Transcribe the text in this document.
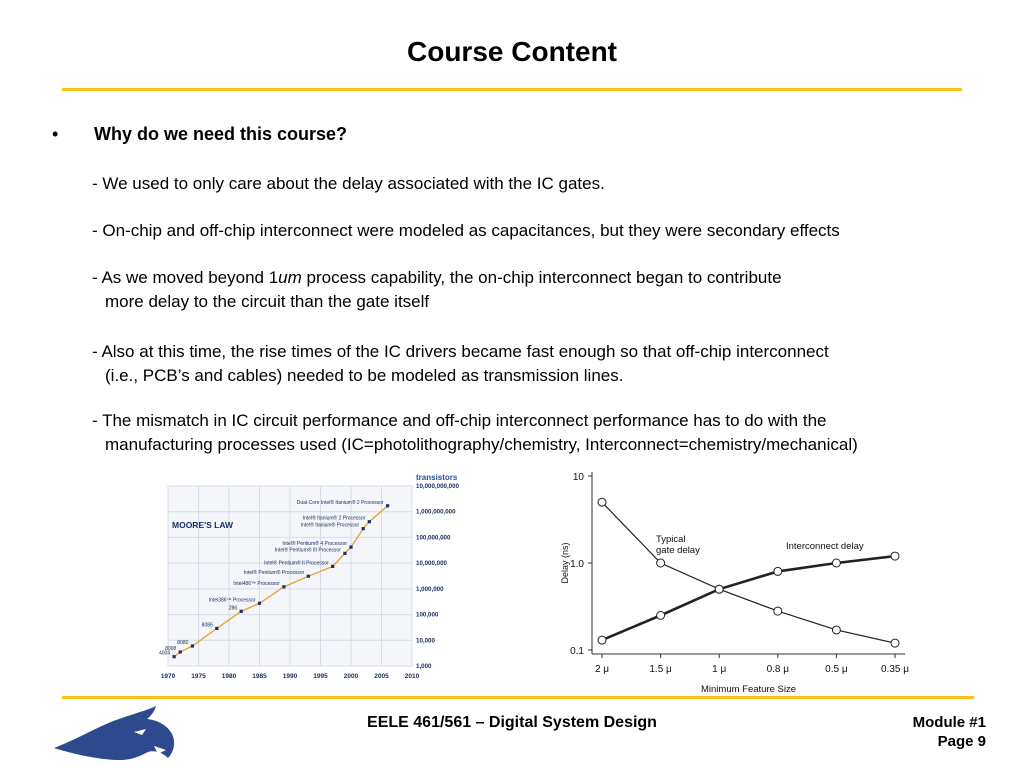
Course Content
• Why do we need this course?
- We used to only care about the delay associated with the IC gates.
- On-chip and off-chip interconnect were modeled as capacitances, but they were secondary effects
- As we moved beyond 1um process capability, the on-chip interconnect began to contribute
more delay to the circuit than the gate itself
- Also at this time, the rise times of the IC drivers became fast enough so that off-chip interconnect
(i.e., PCB’s and cables) needed to be modeled as transmission lines.
- The mismatch in IC circuit performance and off-chip interconnect performance has to do with the
manufacturing processes used (IC=photolithography/chemistry, Interconnect=chemistry/mechanical)
1970 1975 1980 1985 1990 1995 2000 2005 2010
1,000
10,000
100,000
1,000,000
10,000,000
100,000,000
1,000,000,000
10,000,000,000
transistors
MOORE'S LAW
4004
8008
8080
8086
286
Intel386™ Processor
Intel486™ Processor
Intel® Pentium® Processor
Intel® Pentium® II Processor
Intel® Pentium® III Processor
Intel® Pentium® 4 Processor
Intel® Itanium® Processor
Intel® Itanium® 2 Processor
Dual-Core Intel® Itanium® 2 Processor
0.1
1.0
10
2 μ	1.5 μ	1 μ	0.8 μ	0.5 μ	0.35 μ
Minimum Feature Size
Delay (ns)
Typical gate delay	Interconnect delay
EELE 461/561 – Digital System Design	Module #1
Page 9
